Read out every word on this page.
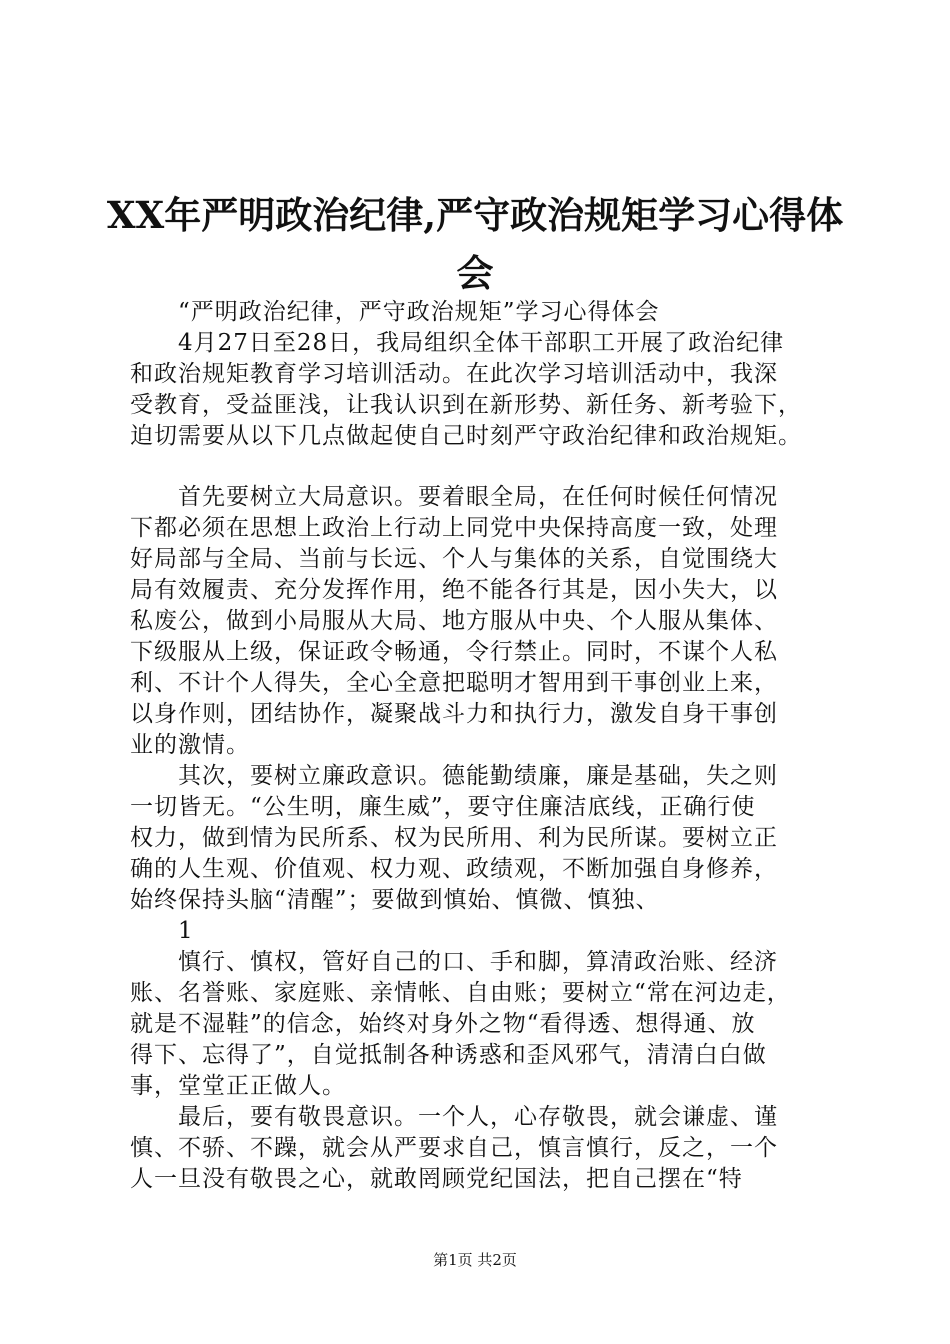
XX年严明政治纪律,严守政治规矩学习心得体
会
　　“严明政治纪律，严守政治规矩”学习心得体会
　　4月27日至28日，我局组织全体干部职工开展了政治纪律
和政治规矩教育学习培训活动。在此次学习培训活动中，我深
受教育，受益匪浅，让我认识到在新形势、新任务、新考验下，
迫切需要从以下几点做起使自己时刻严守政治纪律和政治规矩。
　　首先要树立大局意识。要着眼全局，在任何时候任何情况
下都必须在思想上政治上行动上同党中央保持高度一致，处理
好局部与全局、当前与长远、个人与集体的关系，自觉围绕大
局有效履责、充分发挥作用，绝不能各行其是，因小失大，以
私废公，做到小局服从大局、地方服从中央、个人服从集体、
下级服从上级，保证政令畅通，令行禁止。同时，不谋个人私
利、不计个人得失，全心全意把聪明才智用到干事创业上来，
以身作则，团结协作，凝聚战斗力和执行力，激发自身干事创
业的激情。
　　其次，要树立廉政意识。德能勤绩廉，廉是基础，失之则
一切皆无。“公生明，廉生威”，要守住廉洁底线，正确行使
权力，做到情为民所系、权为民所用、利为民所谋。要树立正
确的人生观、价值观、权力观、政绩观，不断加强自身修养，
始终保持头脑“清醒”；要做到慎始、慎微、慎独、
　　1
　　慎行、慎权，管好自己的口、手和脚，算清政治账、经济
账、名誉账、家庭账、亲情帐、自由账；要树立“常在河边走，
就是不湿鞋”的信念，始终对身外之物“看得透、想得通、放
得下、忘得了”，自觉抵制各种诱惑和歪风邪气，清清白白做
事，堂堂正正做人。
　　最后，要有敬畏意识。一个人，心存敬畏，就会谦虚、谨
慎、不骄、不躁，就会从严要求自己，慎言慎行，反之，一个
人一旦没有敬畏之心，就敢罔顾党纪国法，把自己摆在“特
第1页 共2页
